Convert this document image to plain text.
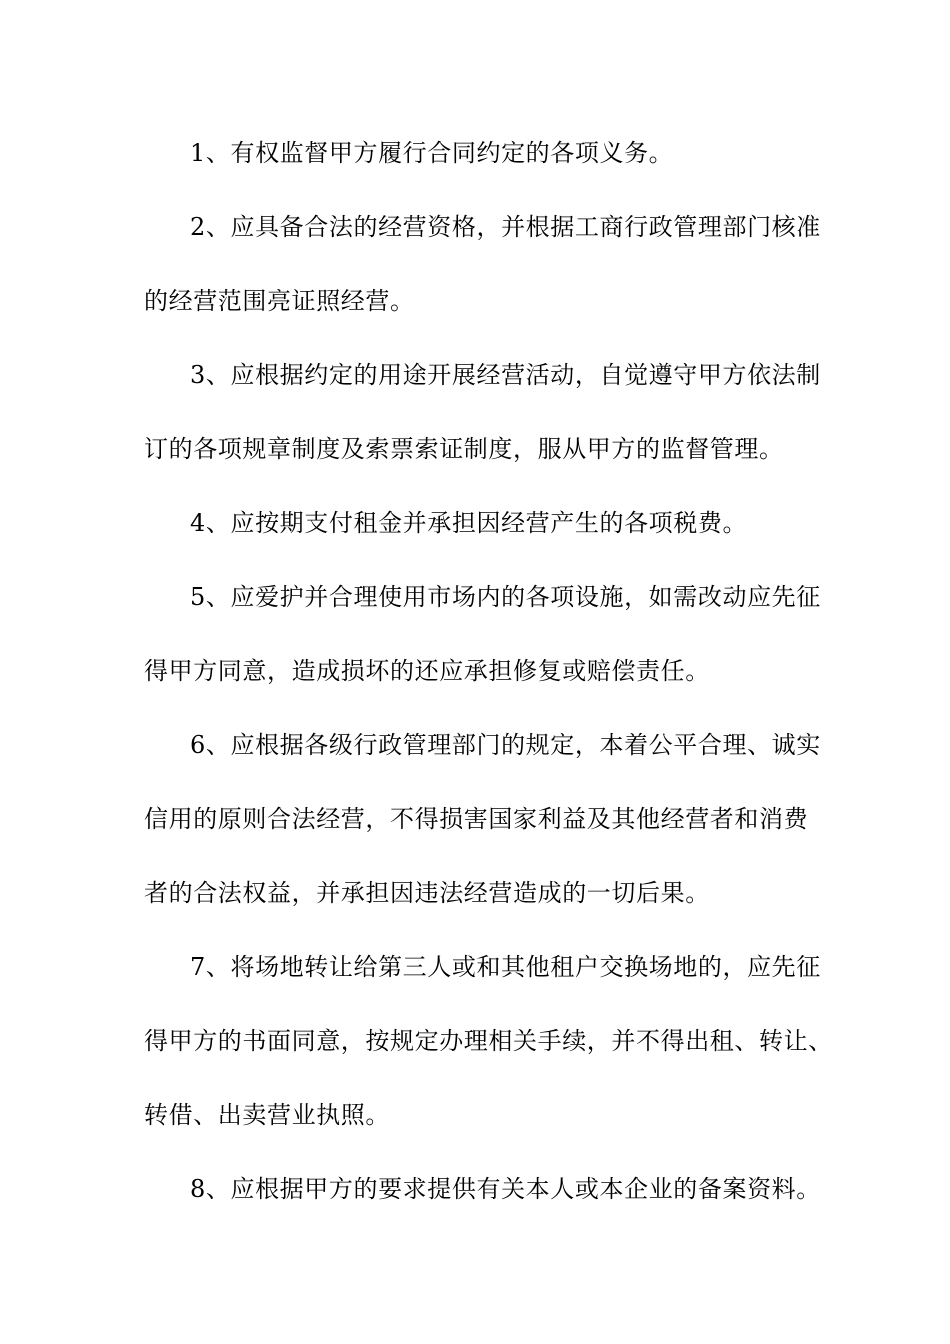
1、有权监督甲方履行合同约定的各项义务。
2、应具备合法的经营资格，并根据工商行政管理部门核准
的经营范围亮证照经营。
3、应根据约定的用途开展经营活动，自觉遵守甲方依法制
订的各项规章制度及索票索证制度，服从甲方的监督管理。
4、应按期支付租金并承担因经营产生的各项税费。
5、应爱护并合理使用市场内的各项设施，如需改动应先征
得甲方同意，造成损坏的还应承担修复或赔偿责任。
6、应根据各级行政管理部门的规定，本着公平合理、诚实
信用的原则合法经营，不得损害国家利益及其他经营者和消费
者的合法权益，并承担因违法经营造成的一切后果。
7、将场地转让给第三人或和其他租户交换场地的，应先征
得甲方的书面同意，按规定办理相关手续，并不得出租、转让、
转借、出卖营业执照。
8、应根据甲方的要求提供有关本人或本企业的备案资料。
